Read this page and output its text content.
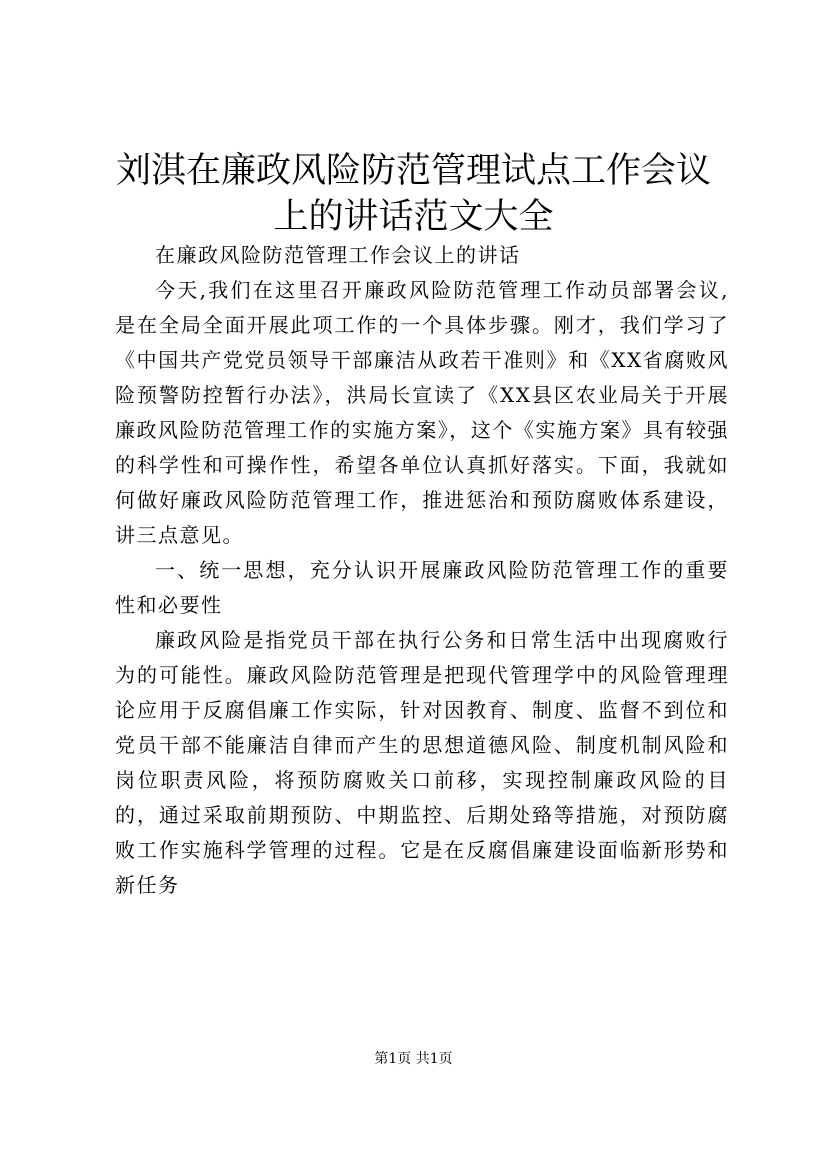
刘淇在廉政风险防范管理试点工作会议上的讲话范文大全

在廉政风险防范管理工作会议上的讲话

今天,我们在这里召开廉政风险防范管理工作动员部署会议,是在全局全面开展此项工作的一个具体步骤。刚才，我们学习了《中国共产党党员领导干部廉洁从政若干准则》和《XX省腐败风险预警防控暂行办法》，洪局长宣读了《XX县区农业局关于开展廉政风险防范管理工作的实施方案》，这个《实施方案》具有较强的科学性和可操作性，希望各单位认真抓好落实。下面，我就如何做好廉政风险防范管理工作，推进惩治和预防腐败体系建设，讲三点意见。

一、统一思想，充分认识开展廉政风险防范管理工作的重要性和必要性

廉政风险是指党员干部在执行公务和日常生活中出现腐败行为的可能性。廉政风险防范管理是把现代管理学中的风险管理理论应用于反腐倡廉工作实际，针对因教育、制度、监督不到位和党员干部不能廉洁自律而产生的思想道德风险、制度机制风险和岗位职责风险，将预防腐败关口前移，实现控制廉政风险的目的，通过采取前期预防、中期监控、后期处臵等措施，对预防腐败工作实施科学管理的过程。它是在反腐倡廉建设面临新形势和新任务

第1页 共1页
